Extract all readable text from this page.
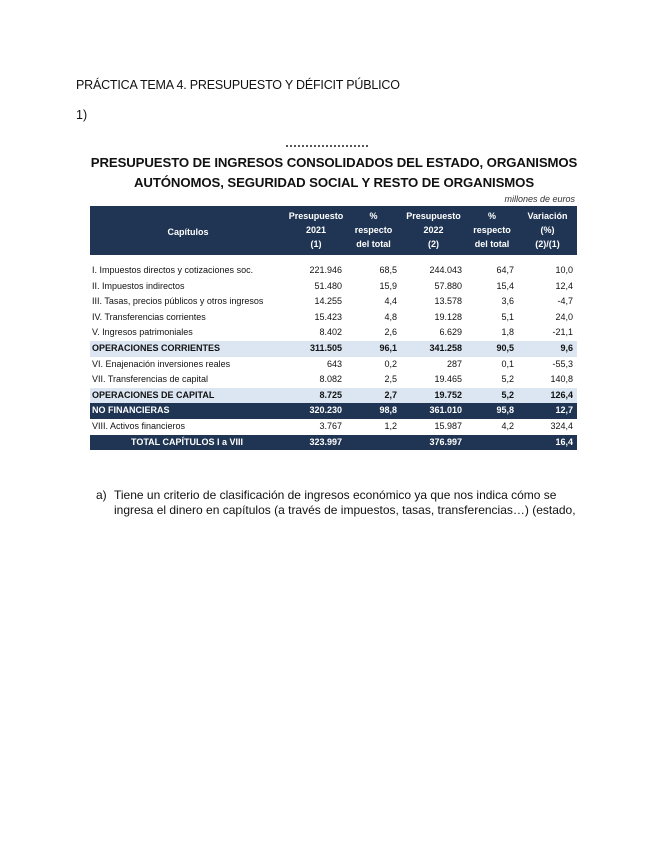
PRÁCTICA TEMA 4. PRESUPUESTO Y DÉFICIT PÚBLICO
1)
PRESUPUESTO DE INGRESOS CONSOLIDADOS DEL ESTADO, ORGANISMOS
AUTÓNOMOS, SEGURIDAD SOCIAL Y RESTO DE ORGANISMOS
millones de euros
Capítulos	Presupuesto	%	Presupuesto	%	Variación
	2021	respecto	2022	respecto	(%)
	(1)	del total	(2)	del total	(2)/(1)

I. Impuestos directos y cotizaciones soc.	221.946	68,5	244.043	64,7	10,0
II. Impuestos indirectos	51.480	15,9	57.880	15,4	12,4
III. Tasas, precios públicos y otros ingresos	14.255	4,4	13.578	3,6	-4,7
IV. Transferencias corrientes	15.423	4,8	19.128	5,1	24,0
V. Ingresos patrimoniales	8.402	2,6	6.629	1,8	-21,1
OPERACIONES CORRIENTES	311.505	96,1	341.258	90,5	9,6
VI. Enajenación inversiones reales	643	0,2	287	0,1	-55,3
VII. Transferencias de capital	8.082	2,5	19.465	5,2	140,8
OPERACIONES DE CAPITAL	8.725	2,7	19.752	5,2	126,4
NO FINANCIERAS	320.230	98,8	361.010	95,8	12,7
VIII. Activos financieros	3.767	1,2	15.987	4,2	324,4
TOTAL CAPÍTULOS I a VIII	323.997		376.997		16,4
a) Tiene un criterio de clasificación de ingresos económico ya que nos indica cómo se ingresa el dinero en capítulos (a través de impuestos, tasas, transferencias…) (estado,
